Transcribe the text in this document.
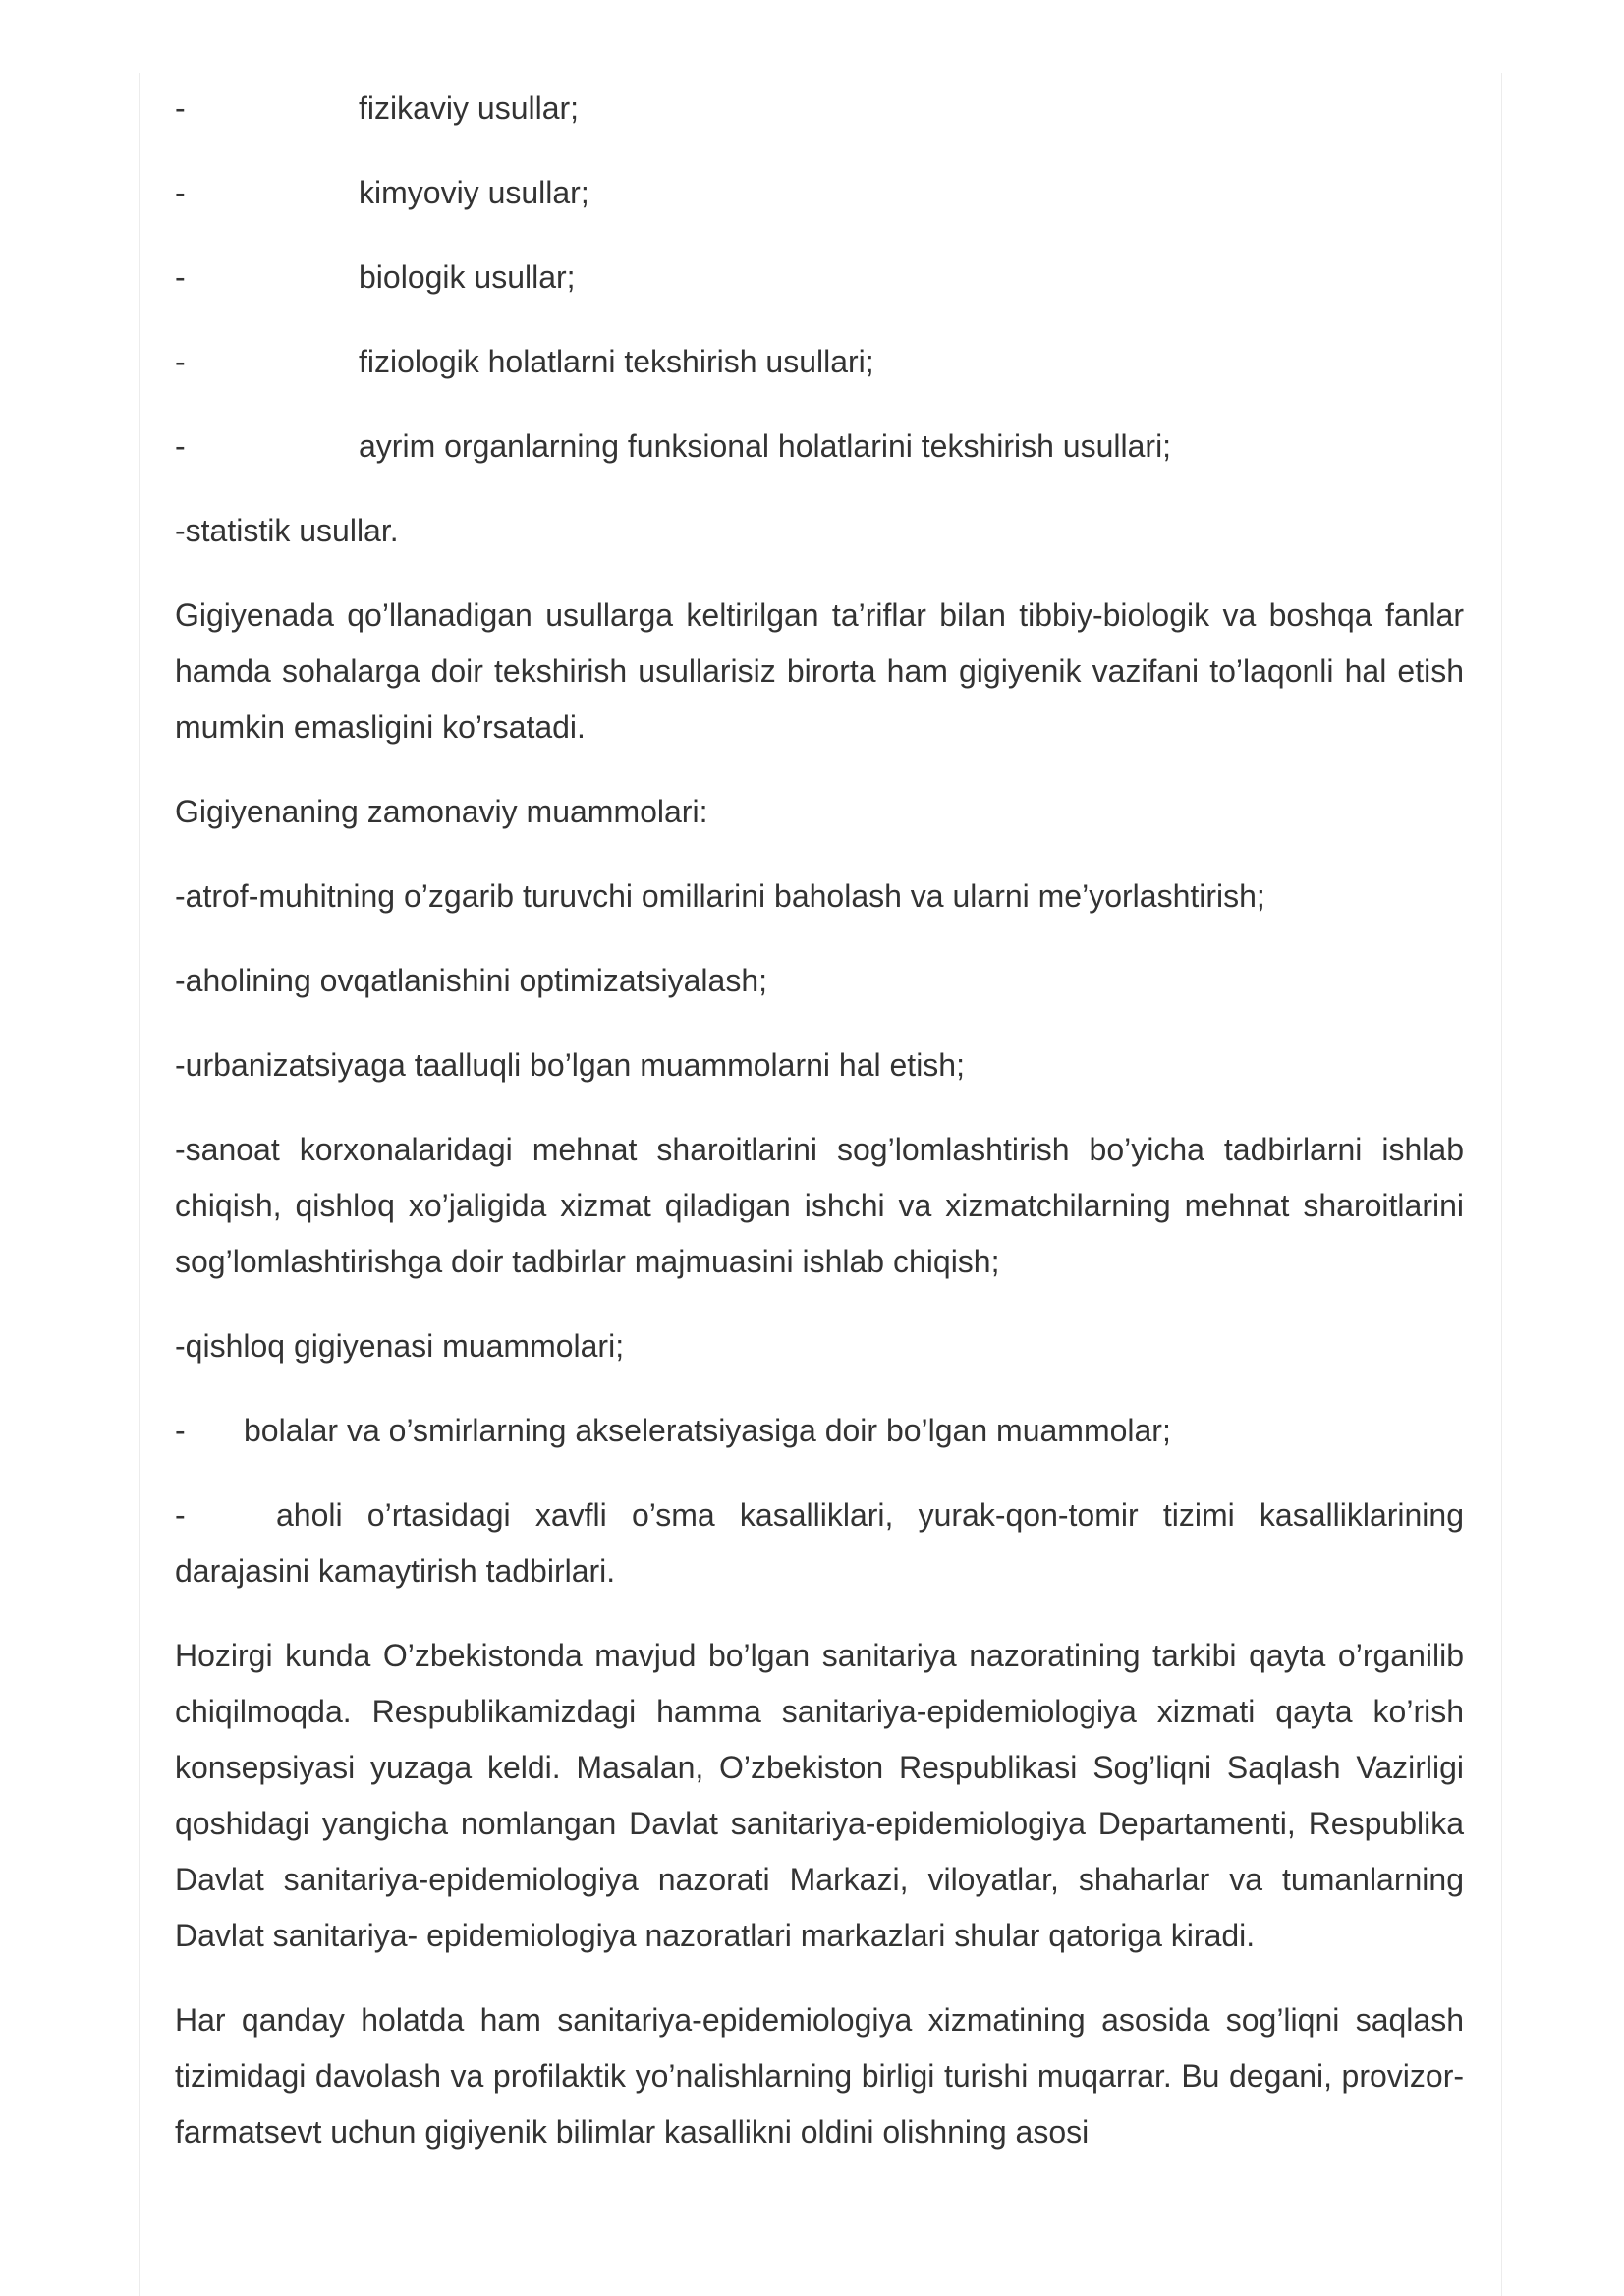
-	fizikaviy usullar;
-	kimyoviy usullar;
-	biologik usullar;
-	fiziologik holatlarni tekshirish usullari;
-	ayrim organlarning funksional holatlarini tekshirish usullari;
-statistik usullar.
Gigiyenada qo’llanadigan usullarga keltirilgan ta’riflar bilan tibbiy-biologik va boshqa fanlar hamda sohalarga doir tekshirish usullarisiz birorta ham gigiyenik vazifani to’laqonli hal etish mumkin emasligini ko’rsatadi.
Gigiyenaning zamonaviy muammolari:
-atrof-muhitning o’zgarib turuvchi omillarini baholash va ularni me’yorlashtirish;
-aholining ovqatlanishini optimizatsiyalash;
-urbanizatsiyaga taalluqli bo’lgan muammolarni hal etish;
-sanoat korxonalaridagi mehnat sharoitlarini sog’lomlashtirish bo’yicha tadbirlarni ishlab chiqish, qishloq xo’jaligida xizmat qiladigan ishchi va xizmatchilarning mehnat sharoitlarini sog’lomlashtirishga doir tadbirlar majmuasini ishlab chiqish;
-qishloq gigiyenasi muammolari;
- bolalar va o’smirlarning akseleratsiyasiga doir bo’lgan muammolar;
-	aholi o’rtasidagi xavfli o’sma kasalliklari, yurak-qon-tomir tizimi kasalliklarining
darajasini kamaytirish tadbirlari.
Hozirgi kunda O’zbekistonda mavjud bo’lgan sanitariya nazoratining tarkibi qayta o’rganilib chiqilmoqda. Respublikamizdagi hamma sanitariya-epidemiologiya xizmati qayta ko’rish konsepsiyasi yuzaga keldi. Masalan, O’zbekiston Respublikasi Sog’liqni Saqlash Vazirligi qoshidagi yangicha nomlangan Davlat sanitariya-epidemiologiya Departamenti, Respublika Davlat sanitariya-epidemiologiya nazorati Markazi, viloyatlar, shaharlar va tumanlarning Davlat sanitariya- epidemiologiya nazoratlari markazlari shular qatoriga kiradi.
Har qanday holatda ham sanitariya-epidemiologiya xizmatining asosida sog’liqni saqlash tizimidagi davolash va profilaktik yo’nalishlarning birligi turishi muqarrar. Bu degani, provizor- farmatsevt uchun gigiyenik bilimlar kasallikni oldini olishning asosi
